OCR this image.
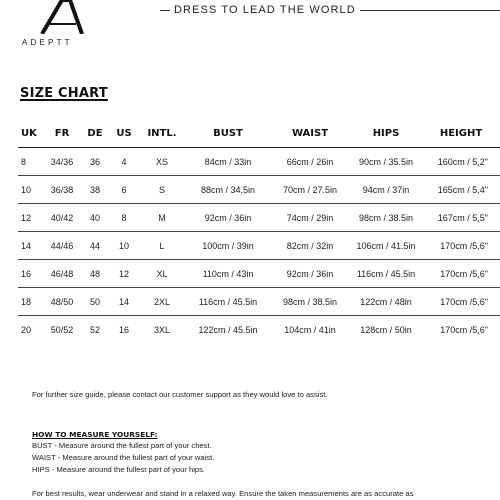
ADEPTT
DRESS TO LEAD THE WORLD
SIZE CHART
UK	FR	DE	US	INTL.	BUST	WAIST	HIPS	HEIGHT
8	34/36	36	4	XS	84cm / 33in	66cm / 26in	90cm / 35.5in	160cm / 5,2"
10	36/38	38	6	S	88cm / 34.5in	70cm / 27.5in	94cm / 37in	165cm / 5,4"
12	40/42	40	8	M	92cm / 36in	74cm / 29in	98cm / 38.5in	167cm / 5,5"
14	44/46	44	10	L	100cm / 39in	82cm / 32in	106cm / 41.5in	170cm /5,6"
16	46/48	48	12	XL	110cm / 43in	92cm / 36in	116cm / 45.5in	170cm /5,6"
18	48/50	50	14	2XL	116cm / 45.5in	98cm / 38.5in	122cm / 48in	170cm /5,6"
20	50/52	52	16	3XL	122cm / 45.5in	104cm / 41in	128cm / 50in	170cm /5,6"
For further size guide, please contact our customer support as they would love to assist.
HOW TO MEASURE YOURSELF:
BUST - Measure around the fullest part of your chest.
WAIST - Measure around the fullest part of your waist.
HIPS - Measure around the fullest part of your hips.
For best results, wear underwear and stand in a relaxed way. Ensure the taken measurements are as accurate as
